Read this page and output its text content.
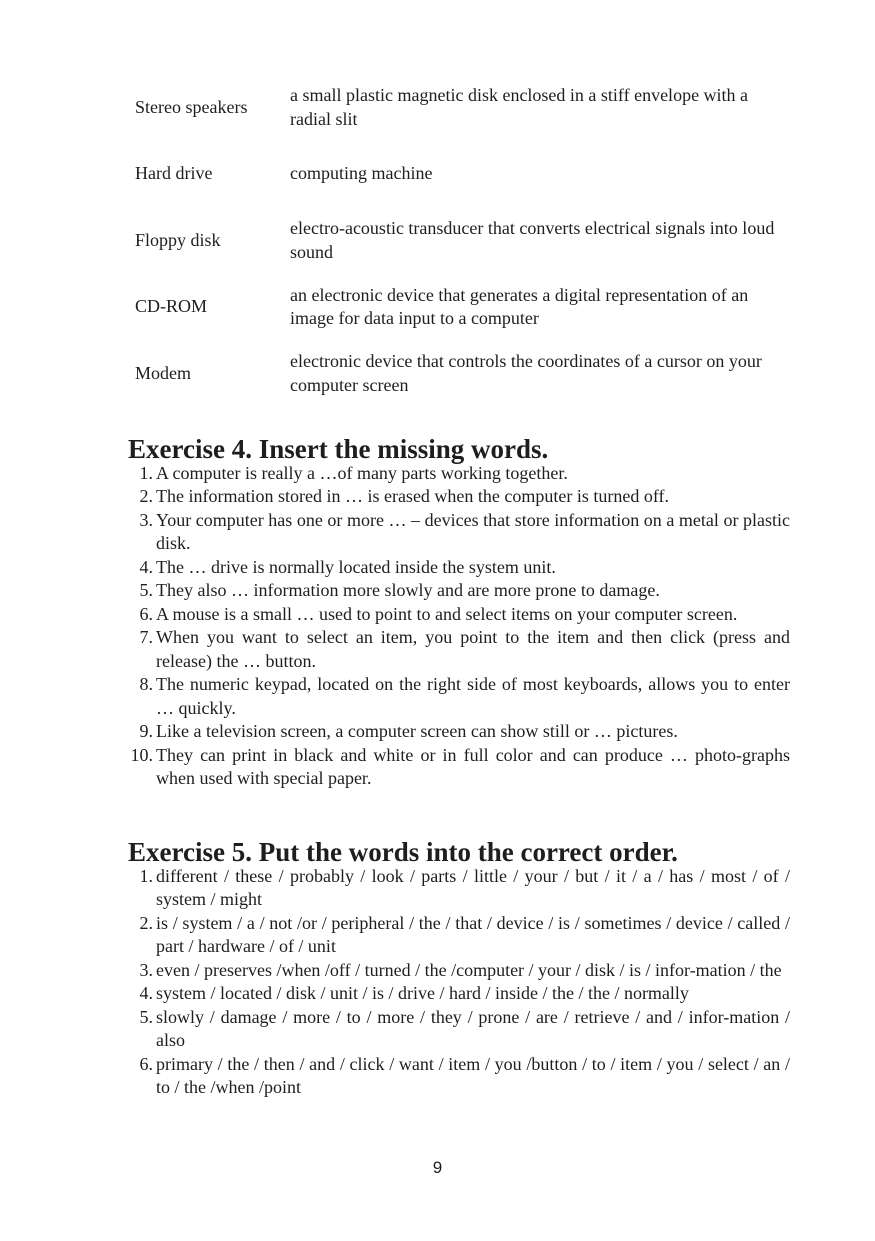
Stereo speakers
a small plastic magnetic disk enclosed in a stiff envelope with a radial slit
Hard drive	computing machine
Floppy disk
electro-acoustic transducer that converts electrical signals into loud sound
CD-ROM
an electronic device that generates a digital representation of an image for data input to a computer
Modem
electronic device that controls the coordinates of a cursor on your computer screen
Exercise 4. Insert the missing words.
1. A computer is really a …of many parts working together.
2. The information stored in … is erased when the computer is turned off.
3. Your computer has one or more … – devices that store information on a metal or plastic disk.
4. The … drive is normally located inside the system unit.
5. They also … information more slowly and are more prone to damage.
6. A mouse is a small … used to point to and select items on your computer screen.
7. When you want to select an item, you point to the item and then click (press and release) the … button.
8. The numeric keypad, located on the right side of most keyboards, allows you to enter … quickly.
9. Like a television screen, a computer screen can show still or … pictures.
10. They can print in black and white or in full color and can produce … photo-graphs when used with special paper.
Exercise 5. Put the words into the correct order.
1. different / these / probably / look / parts / little / your / but / it / a / has / most / of / system / might
2. is / system / a / not /or / peripheral / the / that / device / is / sometimes / device / called / part / hardware / of / unit
3. even / preserves /when /off / turned / the /computer / your / disk / is / infor-mation / the
4. system / located / disk / unit / is / drive / hard / inside / the / the / normally
5. slowly / damage / more / to / more / they / prone / are / retrieve / and / infor-mation / also
6. primary / the / then / and / click / want / item / you /button / to / item / you / select / an / to / the /when /point
9
